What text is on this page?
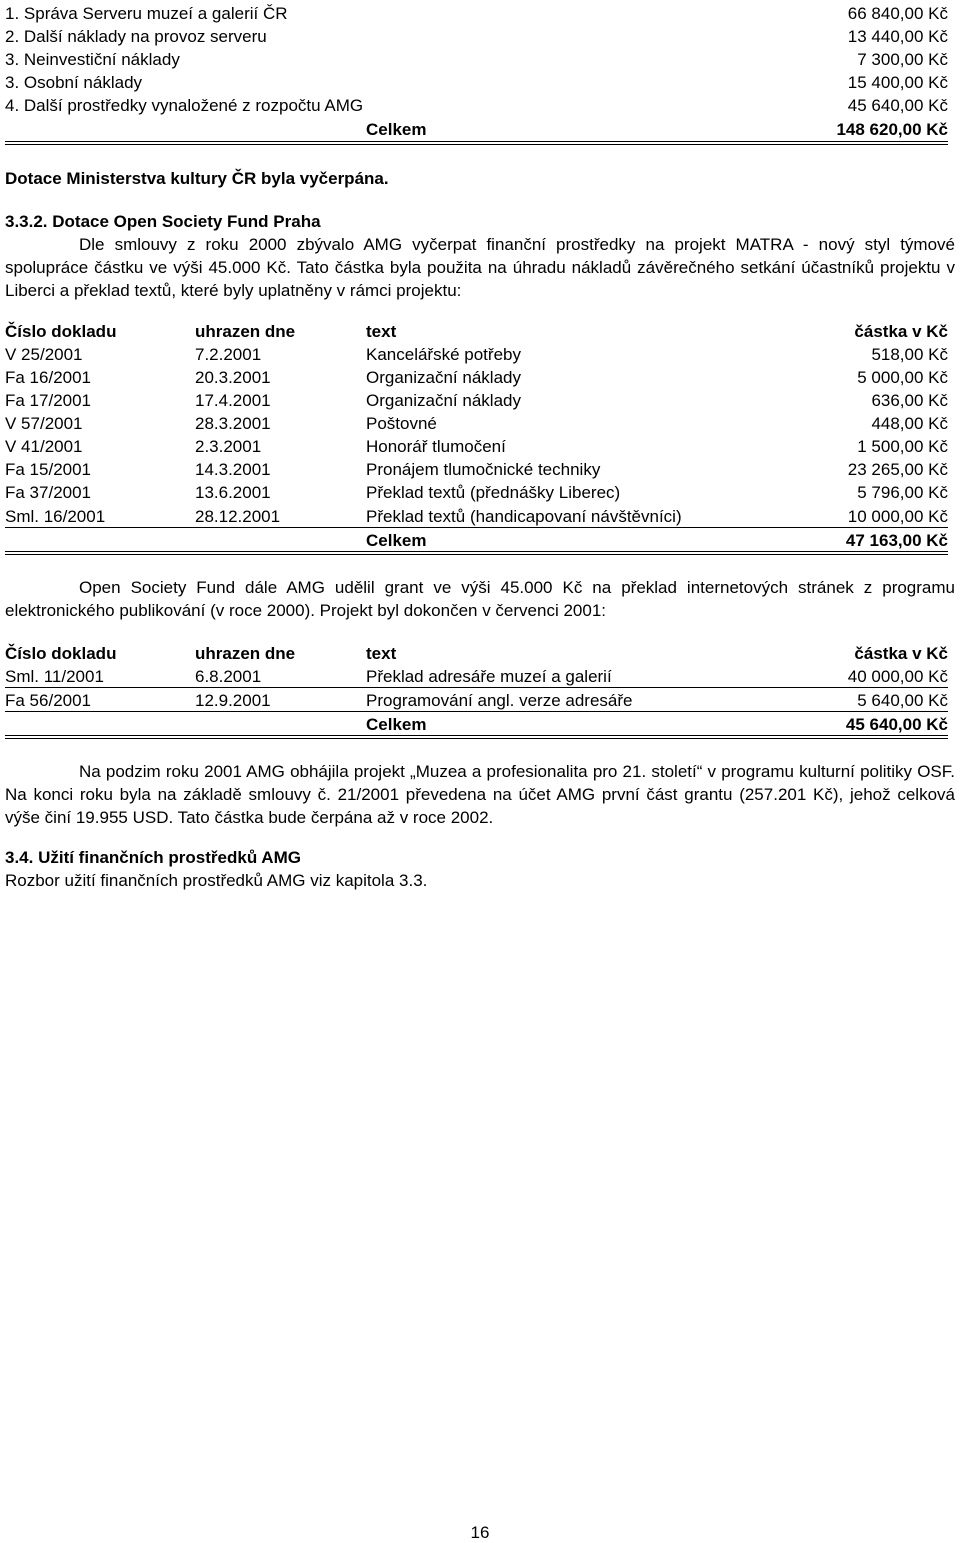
1. Správa Serveru muzeí a galerií ČR	66 840,00 Kč
2. Další náklady na provoz serveru	13 440,00 Kč
3. Neinvestiční náklady	7 300,00 Kč
3. Osobní náklady	15 400,00 Kč
4. Další prostředky vynaložené z rozpočtu AMG	45 640,00 Kč
Celkem	148 620,00 Kč
Dotace Ministerstva kultury ČR byla vyčerpána.
3.3.2. Dotace Open Society Fund Praha
Dle smlouvy z roku 2000 zbývalo AMG vyčerpat finanční prostředky na projekt MATRA - nový styl týmové spolupráce částku ve výši 45.000 Kč. Tato částka byla použita na úhradu nákladů závěrečného setkání účastníků projektu v Liberci a překlad textů, které byly uplatněny v rámci projektu:
Číslo dokladu	uhrazen dne	text	částka v Kč
V 25/2001	7.2.2001	Kancelářské potřeby	518,00 Kč
Fa 16/2001	20.3.2001	Organizační náklady	5 000,00 Kč
Fa 17/2001	17.4.2001	Organizační náklady	636,00 Kč
V 57/2001	28.3.2001	Poštovné	448,00 Kč
V 41/2001	2.3.2001	Honorář tlumočení	1 500,00 Kč
Fa 15/2001	14.3.2001	Pronájem tlumočnické techniky	23 265,00 Kč
Fa 37/2001	13.6.2001	Překlad textů (přednášky Liberec)	5 796,00 Kč
Sml. 16/2001	28.12.2001	Překlad textů (handicapovaní návštěvníci)	10 000,00 Kč
Celkem	47 163,00 Kč
Open Society Fund dále AMG udělil grant ve výši 45.000 Kč na překlad internetových stránek z programu elektronického publikování (v roce 2000). Projekt byl dokončen v červenci 2001:
Číslo dokladu	uhrazen dne	text	částka v Kč
Sml. 11/2001	6.8.2001	Překlad adresáře muzeí a galerií	40 000,00 Kč
Fa 56/2001	12.9.2001	Programování angl. verze adresáře	5 640,00 Kč
Celkem	45 640,00 Kč
Na podzim roku 2001 AMG obhájila projekt „Muzea a profesionalita pro 21. století“ v programu kulturní politiky OSF. Na konci roku byla na základě smlouvy č. 21/2001 převedena na účet AMG první část grantu (257.201 Kč), jehož celková výše činí 19.955 USD. Tato částka bude čerpána až v roce 2002.
3.4. Užití finančních prostředků AMG
Rozbor užití finančních prostředků AMG viz kapitola 3.3.
16
